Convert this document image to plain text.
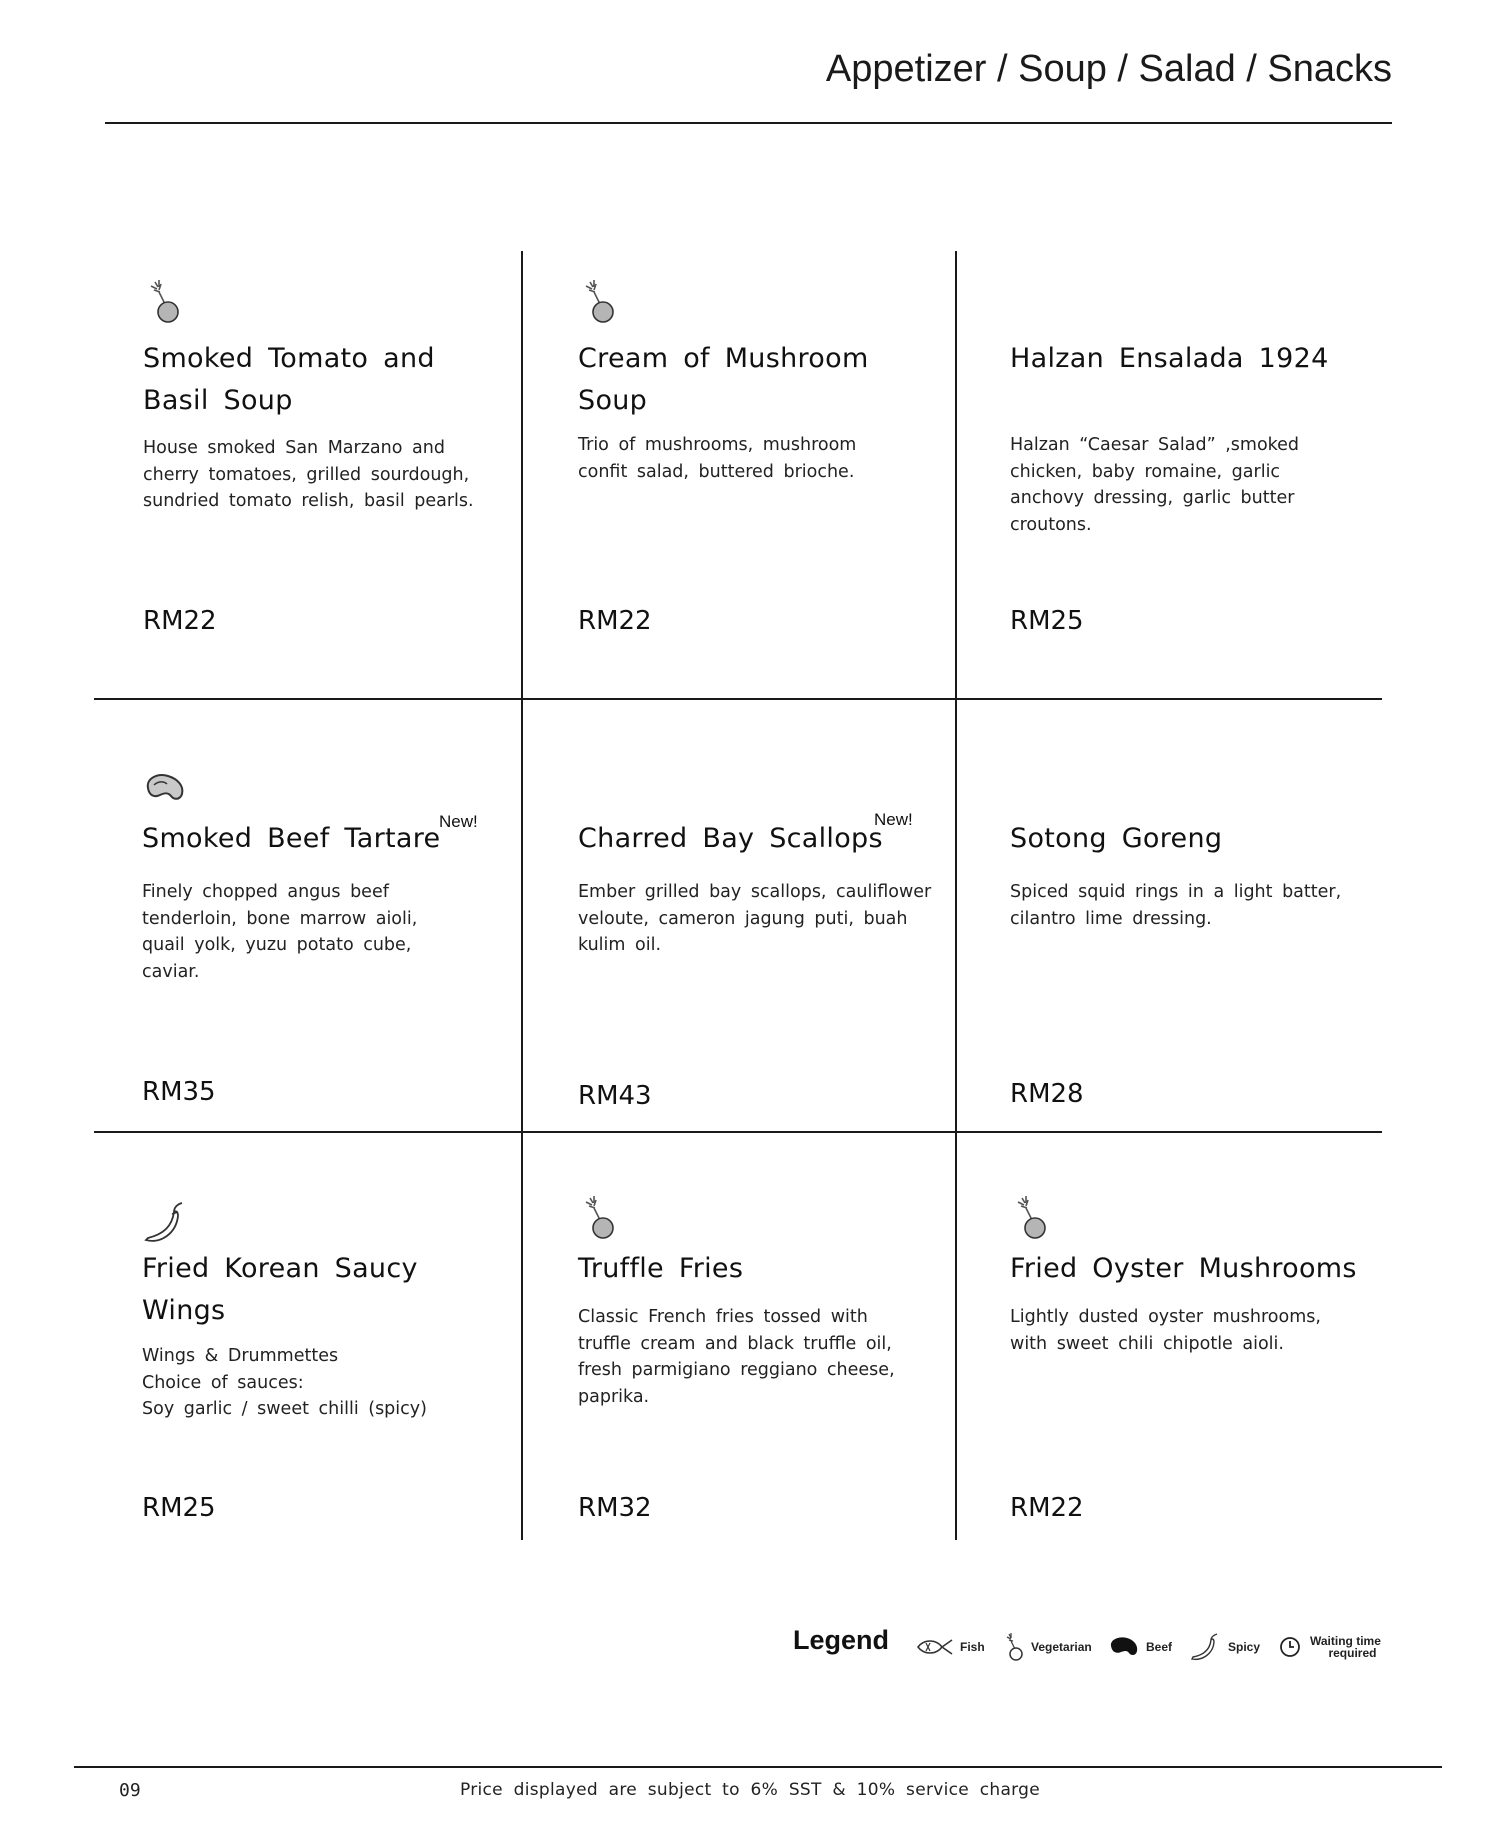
Appetizer / Soup / Salad / Snacks
Smoked Tomato and Basil Soup
House smoked San Marzano and
cherry tomatoes, grilled sourdough,
sundried tomato relish, basil pearls.
RM22
Cream of Mushroom Soup
Trio of mushrooms, mushroom
confit salad, buttered brioche.
RM22
Halzan Ensalada 1924
Halzan “Caesar Salad” ,smoked
chicken, baby romaine, garlic
anchovy dressing, garlic butter
croutons.
RM25
Smoked Beef Tartare
New!
Finely chopped angus beef
tenderloin, bone marrow aioli,
quail yolk, yuzu potato cube,
caviar.
RM35
Charred Bay Scallops
New!
Ember grilled bay scallops, cauliflower
veloute, cameron jagung puti, buah
kulim oil.
RM43
Sotong Goreng
Spiced squid rings in a light batter,
cilantro lime dressing.
RM28
Fried Korean Saucy Wings
Wings & Drummettes
Choice of sauces:
Soy garlic / sweet chilli (spicy)
RM25
Truffle Fries
Classic French fries tossed with
truffle cream and black truffle oil,
fresh parmigiano reggiano cheese,
paprika.
RM32
Fried Oyster Mushrooms
Lightly dusted oyster mushrooms,
with sweet chili chipotle aioli.
RM22
Legend	Fish	Vegetarian	Beef	Spicy	Waiting time
required
09	Price displayed are subject to 6% SST & 10% service charge
